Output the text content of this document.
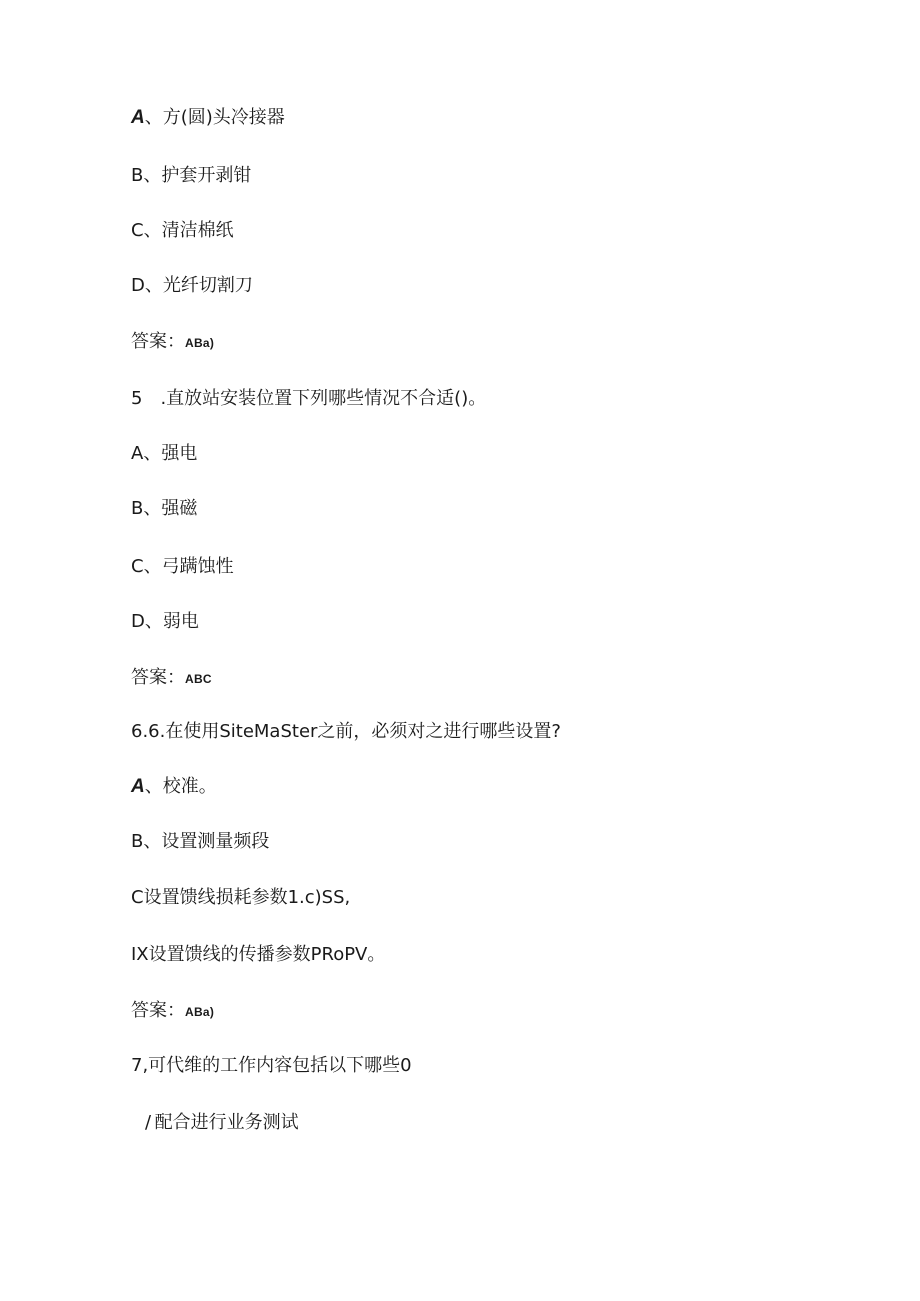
A、方(圆)头冷接器
B、护套开剥钳
C、清洁棉纸
D、光纤切割刀
答案：ABa)
5 .直放站安装位置下列哪些情况不合适()。
A、强电
B、强磁
C、弓蹒蚀性
D、弱电
答案：ABC
6.6.在使用SiteMaSter之前，必须对之进行哪些设置?
A、校准。
B、设置测量频段
C设置馈线损耗参数1.c)SS,
IX设置馈线的传播参数PRoPV。
答案：ABa)
7,可代维的工作内容包括以下哪些0
  / 配合进行业务测试
